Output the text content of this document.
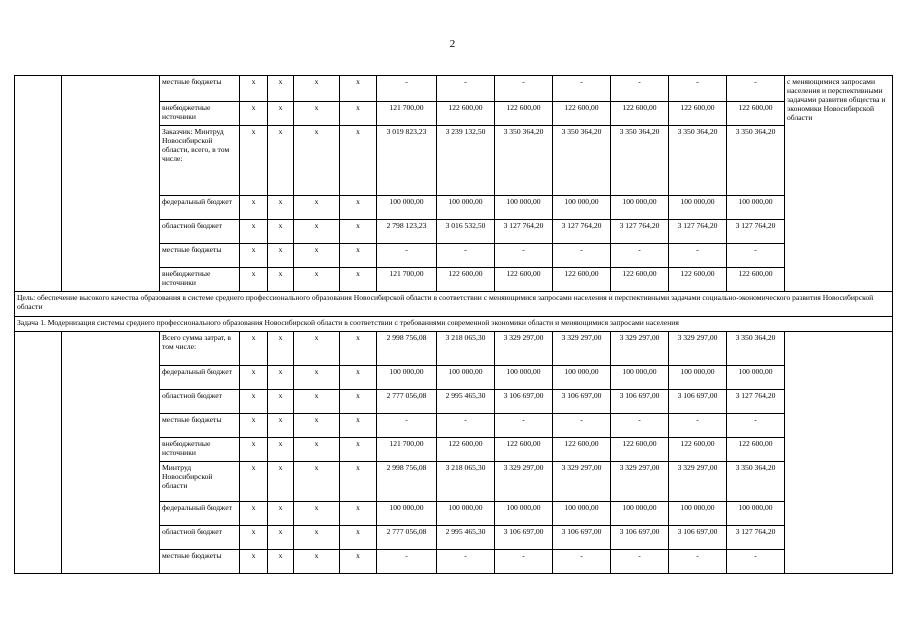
2
		местные бюджеты	x	x	x	x	-	-	-	-	-	-	-	с меняющимися запросами населения и перспективными задачами развития общества и экономики Новосибирской области
		внебюджетные источники	x	x	x	x	121 700,00	122 600,00	122 600,00	122 600,00	122 600,00	122 600,00	122 600,00	
		Заказчик: Минтруд Новосибирской области, всего, в том числе:	x	x	x	x	3 019 823,23	3 239 132,50	3 350 364,20	3 350 364,20	3 350 364,20	3 350 364,20	3 350 364,20	
		федеральный бюджет	x	x	x	x	100 000,00	100 000,00	100 000,00	100 000,00	100 000,00	100 000,00	100 000,00	
		областной бюджет	x	x	x	x	2 798 123,23	3 016 532,50	3 127 764,20	3 127 764,20	3 127 764,20	3 127 764,20	3 127 764,20	
		местные бюджеты	x	x	x	x	-	-	-	-	-	-	-	
		внебюджетные источники	x	x	x	x	121 700,00	122 600,00	122 600,00	122 600,00	122 600,00	122 600,00	122 600,00	
Цель: обеспечение высокого качества образования в системе среднего профессионального образования Новосибирской области в соответствии с меняющимися запросами населения и перспективными задачами социально-экономического развития Новосибирской области														
Задача 1. Модернизация системы среднего профессионального образования Новосибирской области в соответствии с требованиями современной экономики области и меняющимися запросами населения														
		Всего сумма затрат, в том числе:	x	x	x	x	2 998 756,08	3 218 065,30	3 329 297,00	3 329 297,00	3 329 297,00	3 329 297,00	3 350 364,20	
		федеральный бюджет	x	x	x	x	100 000,00	100 000,00	100 000,00	100 000,00	100 000,00	100 000,00	100 000,00	
		областной бюджет	x	x	x	x	2 777 056,08	2 995 465,30	3 106 697,00	3 106 697,00	3 106 697,00	3 106 697,00	3 127 764,20	
		местные бюджеты	x	x	x	x	-	-	-	-	-	-	-	
		внебюджетные источники	x	x	x	x	121 700,00	122 600,00	122 600,00	122 600,00	122 600,00	122 600,00	122 600,00	
		Минтруд Новосибирской области	x	x	x	x	2 998 756,08	3 218 065,30	3 329 297,00	3 329 297,00	3 329 297,00	3 329 297,00	3 350 364,20	
		федеральный бюджет	x	x	x	x	100 000,00	100 000,00	100 000,00	100 000,00	100 000,00	100 000,00	100 000,00	
		областной бюджет	x	x	x	x	2 777 056,08	2 995 465,30	3 106 697,00	3 106 697,00	3 106 697,00	3 106 697,00	3 127 764,20	
		местные бюджеты	x	x	x	x	-	-	-	-	-	-	-	
